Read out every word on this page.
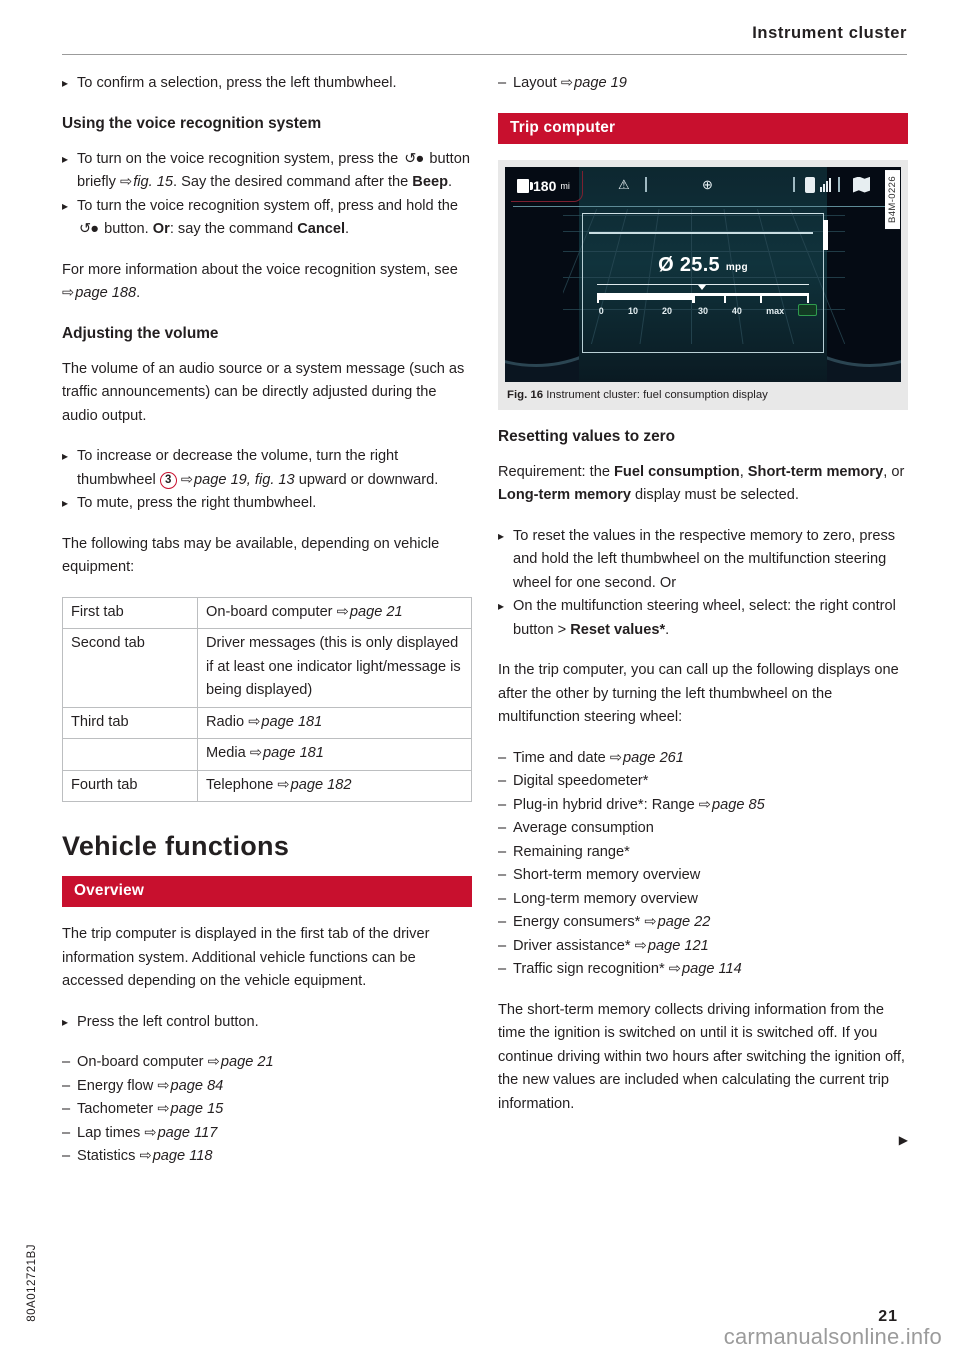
Instrument cluster
▸ To confirm a selection, press the left thumbwheel.
Using the voice recognition system
▸ To turn on the voice recognition system, press the ↺● button briefly ⇨ fig. 15. Say the desired command after the Beep.
▸ To turn the voice recognition system off, press and hold the ↺● button. Or: say the command Cancel.

For more information about the voice recognition system, see ⇨ page 188.

Adjusting the volume

The volume of an audio source or a system message (such as traffic announcements) can be directly adjusted during the audio output.

▸ To increase or decrease the volume, turn the right thumbwheel 3 ⇨ page 19, fig. 13 upward or downward.
▸ To mute, press the right thumbwheel.

The following tabs may be available, depending on vehicle equipment:

First tab	On-board computer ⇨ page 21
Second tab	Driver messages (this is only displayed if at least one indicator light/message is being displayed)
Third tab	Radio ⇨ page 181
	Media ⇨ page 181
Fourth tab	Telephone ⇨ page 182
Vehicle functions
Overview

The trip computer is displayed in the first tab of the driver information system. Additional vehicle functions can be accessed depending on the vehicle equipment.

▸ Press the left control button.
– On-board computer ⇨ page 21
– Energy flow ⇨ page 84
– Tachometer ⇨ page 15
– Lap times ⇨ page 117
– Statistics ⇨ page 118
– Layout ⇨ page 19
Trip computer
180 mi	⚠	⊕
Ø 25.5 mpg
0	10	20	30	40	max
B4M-0226
Fig. 16 Instrument cluster: fuel consumption display
Resetting values to zero

Requirement: the Fuel consumption, Short-term memory, or Long-term memory display must be selected.

▸ To reset the values in the respective memory to zero, press and hold the left thumbwheel on the multifunction steering wheel for one second. Or
▸ On the multifunction steering wheel, select: the right control button > Reset values*.

In the trip computer, you can call up the following displays one after the other by turning the left thumbwheel on the multifunction steering wheel:

– Time and date ⇨ page 261
– Digital speedometer*
– Plug-in hybrid drive*: Range ⇨ page 85
– Average consumption
– Remaining range*
– Short-term memory overview
– Long-term memory overview
– Energy consumers* ⇨ page 22
– Driver assistance* ⇨ page 121
– Traffic sign recognition* ⇨ page 114

The short-term memory collects driving information from the time the ignition is switched on until it is switched off. If you continue driving within two hours after switching the ignition off, the new values are included when calculating the current trip information.

▶
80A012721BJ	21
carmanualsonline.info
